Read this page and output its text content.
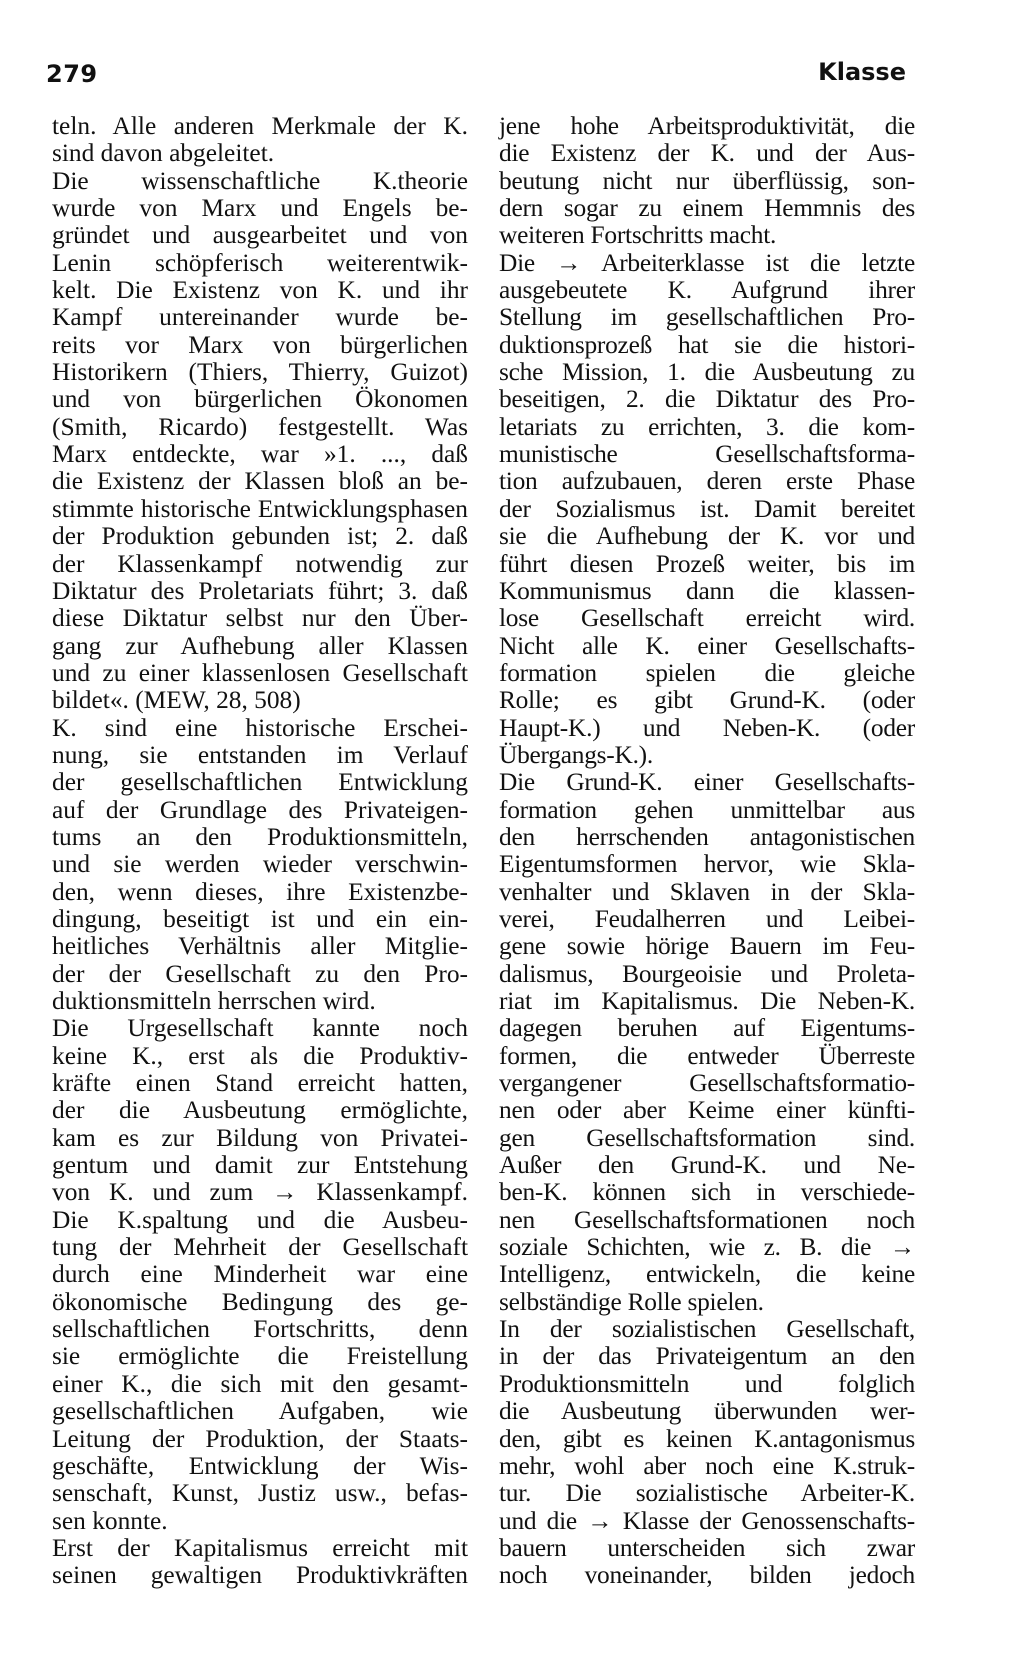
279	Klasse
teln. Alle anderen Merkmale der K.
sind davon abgeleitet.
Die wissenschaftliche K.theorie
wurde von Marx und Engels be-
gründet und ausgearbeitet und von
Lenin schöpferisch weiterentwik-
kelt. Die Existenz von K. und ihr
Kampf untereinander wurde be-
reits vor Marx von bürgerlichen
Historikern (Thiers, Thierry, Guizot)
und von bürgerlichen Ökonomen
(Smith, Ricardo) festgestellt. Was
Marx entdeckte, war »1. ..., daß
die Existenz der Klassen bloß an be-
stimmte historische Entwicklungsphasen
der Produktion gebunden ist; 2. daß
der Klassenkampf notwendig zur
Diktatur des Proletariats führt; 3. daß
diese Diktatur selbst nur den Über-
gang zur Aufhebung aller Klassen
und zu einer klassenlosen Gesellschaft
bildet«. (MEW, 28, 508)
K. sind eine historische Erschei-
nung, sie entstanden im Verlauf
der gesellschaftlichen Entwicklung
auf der Grundlage des Privateigen-
tums an den Produktionsmitteln,
und sie werden wieder verschwin-
den, wenn dieses, ihre Existenzbe-
dingung, beseitigt ist und ein ein-
heitliches Verhältnis aller Mitglie-
der der Gesellschaft zu den Pro-
duktionsmitteln herrschen wird.
Die Urgesellschaft kannte noch
keine K., erst als die Produktiv-
kräfte einen Stand erreicht hatten,
der die Ausbeutung ermöglichte,
kam es zur Bildung von Privatei-
gentum und damit zur Entstehung
von K. und zum → Klassenkampf.
Die K.spaltung und die Ausbeu-
tung der Mehrheit der Gesellschaft
durch eine Minderheit war eine
ökonomische Bedingung des ge-
sellschaftlichen Fortschritts, denn
sie ermöglichte die Freistellung
einer K., die sich mit den gesamt-
gesellschaftlichen Aufgaben, wie
Leitung der Produktion, der Staats-
geschäfte, Entwicklung der Wis-
senschaft, Kunst, Justiz usw., befas-
sen konnte.
Erst der Kapitalismus erreicht mit
seinen gewaltigen Produktivkräften
jene hohe Arbeitsproduktivität, die
die Existenz der K. und der Aus-
beutung nicht nur überflüssig, son-
dern sogar zu einem Hemmnis des
weiteren Fortschritts macht.
Die → Arbeiterklasse ist die letzte
ausgebeutete K. Aufgrund ihrer
Stellung im gesellschaftlichen Pro-
duktionsprozeß hat sie die histori-
sche Mission, 1. die Ausbeutung zu
beseitigen, 2. die Diktatur des Pro-
letariats zu errichten, 3. die kom-
munistische Gesellschaftsforma-
tion aufzubauen, deren erste Phase
der Sozialismus ist. Damit bereitet
sie die Aufhebung der K. vor und
führt diesen Prozeß weiter, bis im
Kommunismus dann die klassen-
lose Gesellschaft erreicht wird.
Nicht alle K. einer Gesellschafts-
formation spielen die gleiche
Rolle; es gibt Grund-K. (oder
Haupt-K.) und Neben-K. (oder
Übergangs-K.).
Die Grund-K. einer Gesellschafts-
formation gehen unmittelbar aus
den herrschenden antagonistischen
Eigentumsformen hervor, wie Skla-
venhalter und Sklaven in der Skla-
verei, Feudalherren und Leibei-
gene sowie hörige Bauern im Feu-
dalismus, Bourgeoisie und Proleta-
riat im Kapitalismus. Die Neben-K.
dagegen beruhen auf Eigentums-
formen, die entweder Überreste
vergangener Gesellschaftsformatio-
nen oder aber Keime einer künfti-
gen Gesellschaftsformation sind.
Außer den Grund-K. und Ne-
ben-K. können sich in verschiede-
nen Gesellschaftsformationen noch
soziale Schichten, wie z. B. die →
Intelligenz, entwickeln, die keine
selbständige Rolle spielen.
In der sozialistischen Gesellschaft,
in der das Privateigentum an den
Produktionsmitteln und folglich
die Ausbeutung überwunden wer-
den, gibt es keinen K.antagonismus
mehr, wohl aber noch eine K.struk-
tur. Die sozialistische Arbeiter-K.
und die → Klasse der Genossenschafts-
bauern unterscheiden sich zwar
noch voneinander, bilden jedoch
